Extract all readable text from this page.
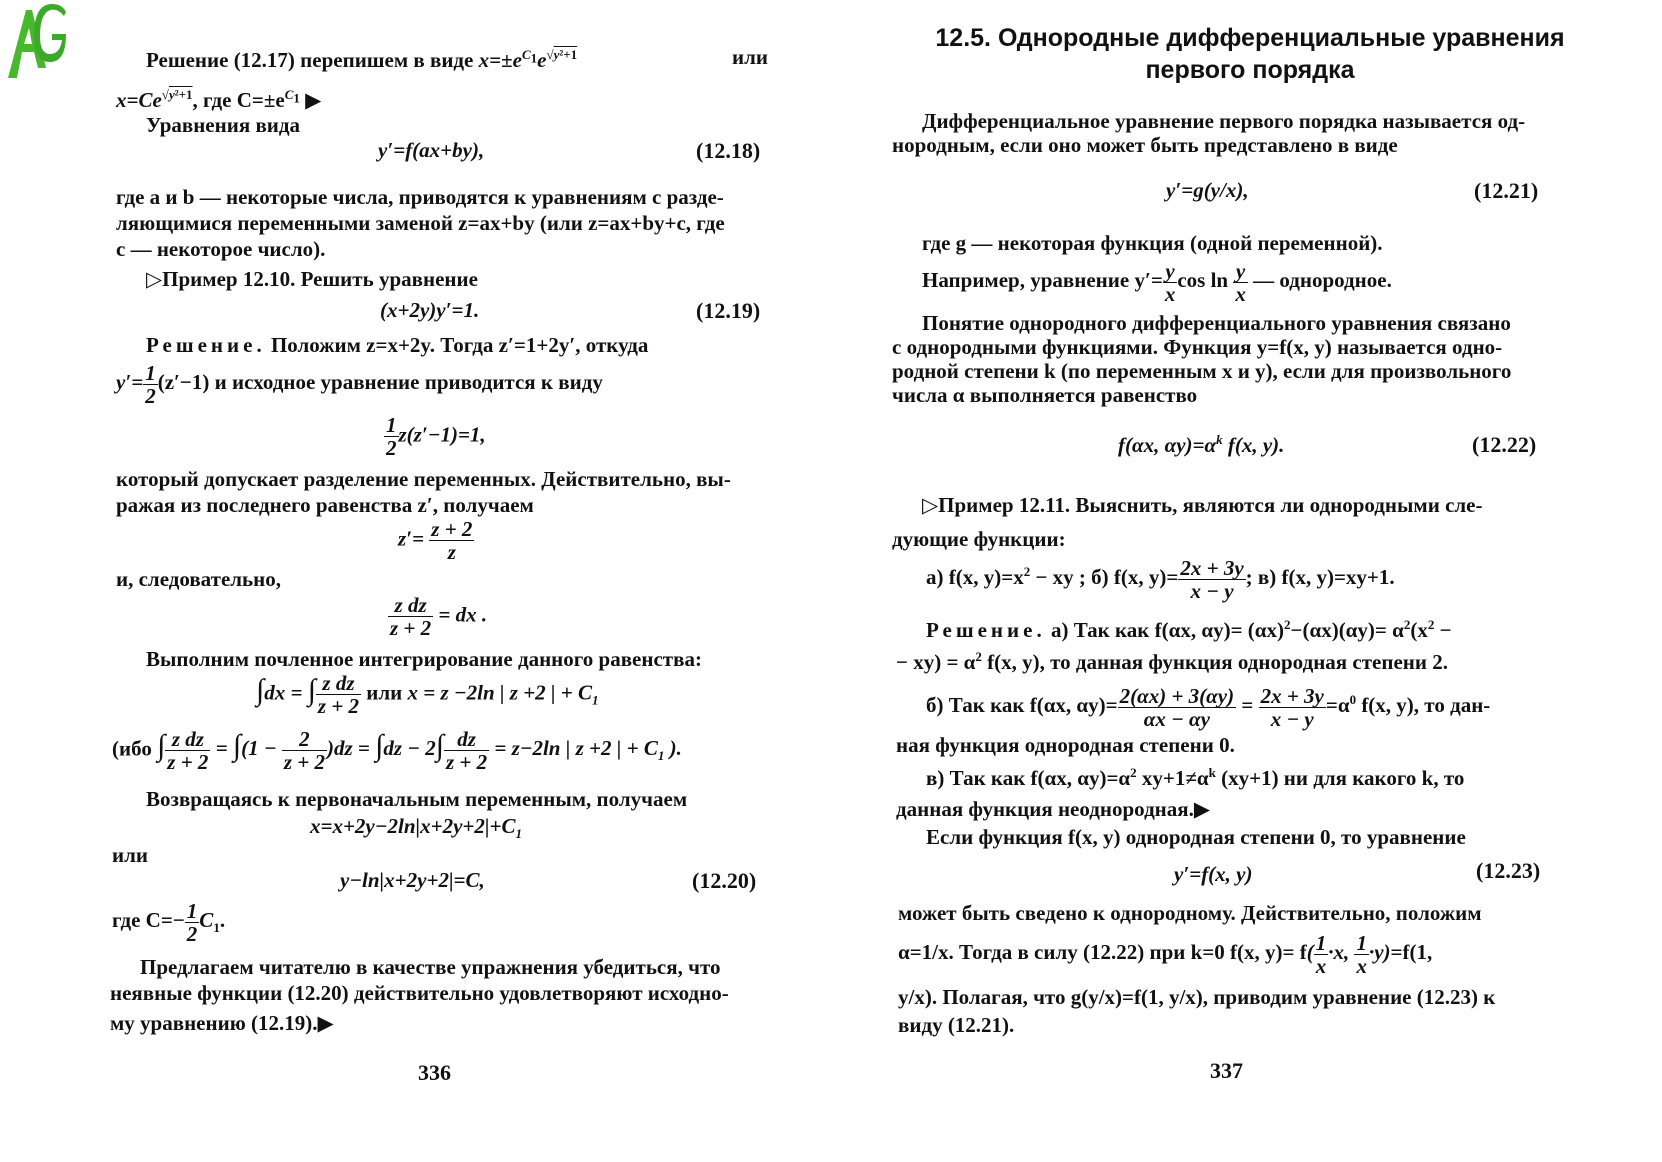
Решение (12.17) перепишем в виде $x=\pm e^{C_1}e^{√y^2+1}$	или

$x=Ce^{√y^2+1}$, где $C=\pm e^{C_1}$ ▶

Уравнения вида

y′=f(ax+by),	(12.18)

где a и b — некоторые числа, приводятся к уравнениям с разде-

ляющимися переменными заменой z=ax+by (или z=ax+by+c, где

c — некоторое число).

▷Пример 12.10. Решить уравнение

(x+2y)y′=1.	(12.19)

Решение. Положим z=x+2y. Тогда z′=1+2y′, откуда

$y'= \frac{1}{2} (z'-1)$ и исходное уравнение приводится к виду

$\frac{1}{2} z(z'-1)=1$,

который допускает разделение переменных. Действительно, вы-

ражая из последнего равенства z′, получаем

$z'= \frac{z + 2}{z}$

и, следовательно,

$\frac{\text{z dz}}{z + 2}$ = dx .

Выполним почленное интегрирование данного равенства:

∫dx = ∫ $\frac{\text{z dz}}{z + 2}$ или x = z −2ln | z +2 | + $C_1$

(ибо ∫ $\frac{\text{z dz}}{z + 2} = \int(1 - \frac{2}{z + 2} )dz = \int dz - 2\int \frac{dz}{z + 2} = z-2\ln$ | z +2 | + $C_1$ ).

Возвращаясь к первоначальным переменным, получаем

$x=x+2y-2\ln|x+2y+2|+C_1$

или

y−ln|x+2y+2|=C,	(12.20)

где $C=- \frac{1}{2} C_1$.

Предлагаем читателю в качестве упражнения убедиться, что

неявные функции (12.20) действительно удовлетворяют исходно-

му уравнению (12.19).▶

336

12.5. Однородные дифференциальные уравнения

первого порядка

Дифференциальное уравнение первого порядка называется од-

нородным, если оно может быть представлено в виде

y′=g(y/x),	(12.21)

где g — некоторая функция (одной переменной).

Например, уравнение $y'= \frac{y}{x}$ $\cos \ln \frac{y}{x}$ — однородное.

Понятие однородного дифференциального уравнения связано

с однородными функциями. Функция y=f(x, y) называется одно-

родной степени k (по переменным x и y), если для произвольного

числа α выполняется равенство

f(αx, $\alpha y)=\alpha^k$ f(x, y).	(12.22)

▷Пример 12.11. Выяснить, являются ли однородными сле-

дующие функции:

а) f(x, $y)=x^2$ − xy ; б) f(x, $y)= \frac{2x + 3y}{x - y}$ ; в) f(x, y)=xy+1.

Решение. а) Так как f(αx, $\alpha y)= (\alpha x)^2-(\alpha x)(\alpha y)= \alpha^2(x^2$ −

− $xy) = \alpha^2$ f(x, y), то данная функция однородная степени 2.

б) Так как f(αx, $\alpha y)= \frac{2(\alpha x) + 3(\alpha y)}{\alpha x - \alpha y} = \frac{2x + 3y}{x - y} =\alpha^0$ f(x, y), то дан-

ная функция однородная степени 0.

в) Так как f(αx, $\alpha y)=\alpha^2$ $xy+1\ne\alpha^k$ (xy+1) ни для какого k, то

данная функция неоднородная.▶

Если функция f(x, y) однородная степени 0, то уравнение

y′=f(x, y)	(12.23)

может быть сведено к однородному. Действительно, положим

α=1/x. Тогда в силу (12.22) при k=0 f(x, $y)= f( \frac{1}{x} \cdot x$, $\frac{1}{x} \cdot y)=f(1$,

y/x). Полагая, что g(y/x)=f(1, y/x), приводим уравнение (12.23) к

виду (12.21).

337
